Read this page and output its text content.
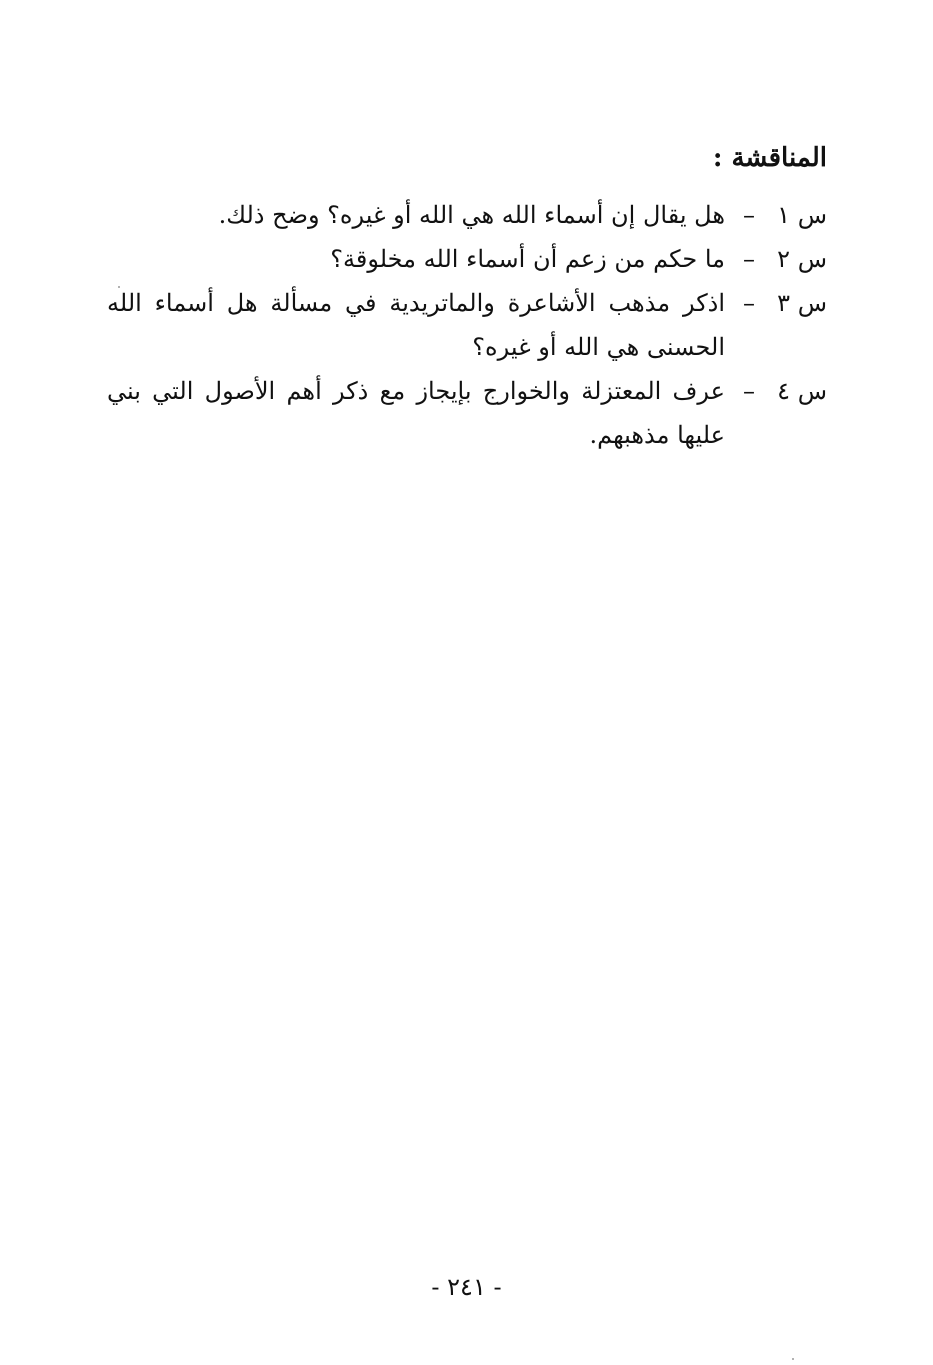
المناقشة :
س ١
–
هل يقال إن أسماء الله هي الله أو غيره؟ وضح ذلك.
س ٢
–
ما حكم من زعم أن أسماء الله مخلوقة؟
س ٣
–
اذكر مذهب الأشاعرة والماتريدية في مسألة هل أسماء الله الحسنى هي الله أو غيره؟
س ٤
–
عرف المعتزلة والخوارج بإيجاز مع ذكر أهم الأصول التي بني عليها مذهبهم.
- ٢٤١ -
